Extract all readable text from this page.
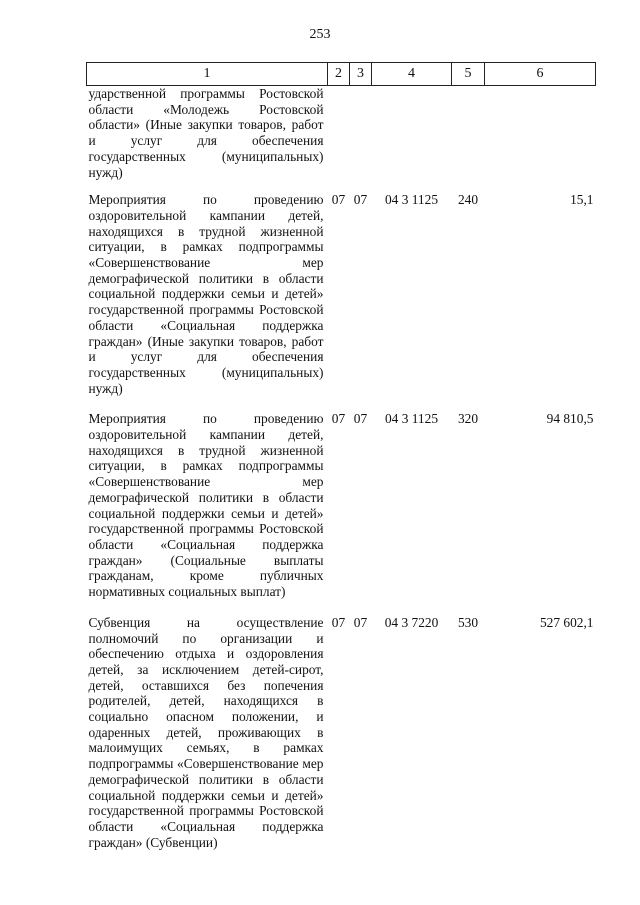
253
1	2	3	4	5	6
ударственной программы Ростовской области «Молодежь Ростовской области» (Иные закупки товаров, работ и услуг для обеспечения государственных (муниципальных) нужд)					
Мероприятия по проведению оздоровительной кампании детей, находящихся в трудной жизненной ситуации, в рамках подпрограммы «Совершенствование мер демографической политики в области социальной поддержки семьи и детей» государственной программы Ростовской области «Социальная поддержка граждан» (Иные закупки товаров, работ и услуг для обеспечения государственных (муниципальных) нужд)	07	07	04 3 1125	240	15,1
Мероприятия по проведению оздоровительной кампании детей, находящихся в трудной жизненной ситуации, в рамках подпрограммы «Совершенствование мер демографической политики в области социальной поддержки семьи и детей» государственной программы Ростовской области «Социальная поддержка граждан» (Социальные выплаты гражданам, кроме публичных нормативных социальных выплат)	07	07	04 3 1125	320	94 810,5
Субвенция на осуществление полномочий по организации и обеспечению отдыха и оздоровления детей, за исключением детей-сирот, детей, оставшихся без попечения родителей, детей, находящихся в социально опасном положении, и одаренных детей, проживающих в малоимущих семьях, в рамках подпрограммы «Совершенствование мер демографической политики в области социальной поддержки семьи и детей» государственной программы Ростовской области «Социальная поддержка граждан» (Субвенции)	07	07	04 3 7220	530	527 602,1
